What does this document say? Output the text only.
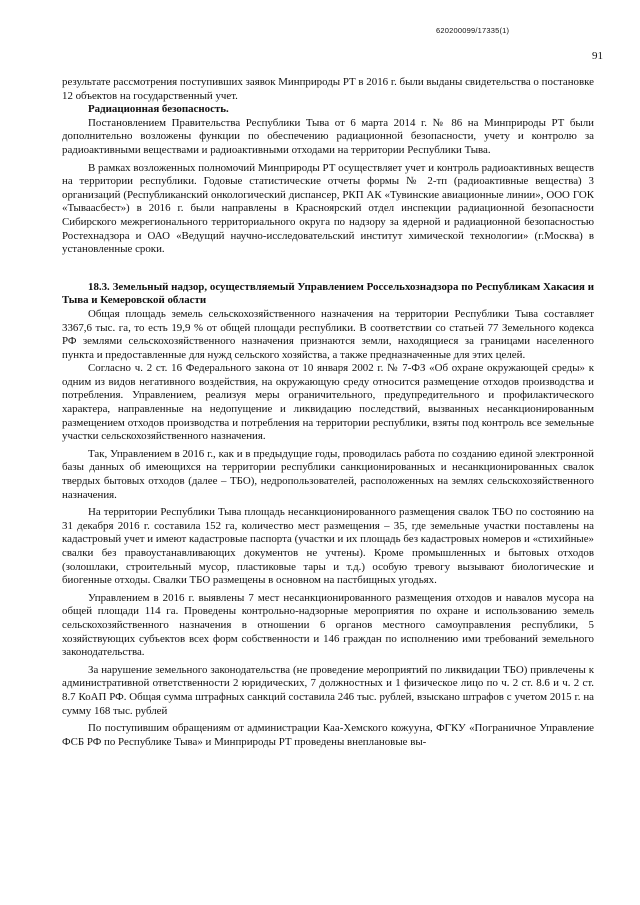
620200099/17335(1)
91

результате рассмотрения поступивших заявок Минприроды РТ в 2016 г. были выданы свидетельства о постановке 12 объектов на государственный учет.

Радиационная безопасность.

Постановлением Правительства Республики Тыва от 6 марта 2014 г. № 86 на Минприроды РТ были дополнительно возложены функции по обеспечению радиационной безопасности, учету и контролю за радиоактивными веществами и радиоактивными отходами на территории Республики Тыва.

В рамках возложенных полномочий Минприроды РТ осуществляет учет и контроль радиоактивных веществ на территории республики. Годовые статистические отчеты формы № 2-тп (радиоактивные вещества) 3 организаций (Республиканский онкологический диспансер, РКП АК «Тувинские авиационные линии», ООО ГОК «Тываасбест») в 2016 г. были направлены в Красноярский отдел инспекции радиационной безопасности Сибирского межрегионального территориального округа по надзору за ядерной и радиационной безопасностью Ростехнадзора и ОАО «Ведущий научно-исследовательский институт химической технологии» (г.Москва) в установленные сроки.

18.3. Земельный надзор, осуществляемый Управлением Россельхознадзора по Республикам Хакасия и Тыва и Кемеровской области

Общая площадь земель сельскохозяйственного назначения на территории Республики Тыва составляет 3367,6 тыс. га, то есть 19,9 % от общей площади республики. В соответствии со статьей 77 Земельного кодекса РФ землями сельскохозяйственного назначения признаются земли, находящиеся за границами населенного пункта и предоставленные для нужд сельского хозяйства, а также предназначенные для этих целей.

Согласно ч. 2 ст. 16 Федерального закона от 10 января 2002 г. № 7-ФЗ «Об охране окружающей среды» к одним из видов негативного воздействия, на окружающую среду относится размещение отходов производства и потребления. Управлением, реализуя меры ограничительного, предупредительного и профилактического характера, направленные на недопущение и ликвидацию последствий, вызванных несанкционированным размещением отходов производства и потребления на территории республики, взяты под контроль все земельные участки сельскохозяйственного назначения.

Так, Управлением в 2016 г., как и в предыдущие годы, проводилась работа по созданию единой электронной базы данных об имеющихся на территории республики санкционированных и несанкционированных свалок твердых бытовых отходов (далее – ТБО), недропользователей, расположенных на землях сельскохозяйственного назначения.

На территории Республики Тыва площадь несанкционированного размещения свалок ТБО по состоянию на 31 декабря 2016 г. составила 152 га, количество мест размещения – 35, где земельные участки поставлены на кадастровый учет и имеют кадастровые паспорта (участки и их площадь без кадастровых номеров и «стихийные» свалки без правоустанавливающих документов не учтены). Кроме промышленных и бытовых отходов (золошлаки, строительный мусор, пластиковые тары и т.д.) особую тревогу вызывают биологические и биогенные отходы. Свалки ТБО размещены в основном на пастбищных угодьях.

Управлением в 2016 г. выявлены 7 мест несанкционированного размещения отходов и навалов мусора на общей площади 114 га. Проведены контрольно-надзорные мероприятия по охране и использованию земель сельскохозяйственного назначения в отношении 6 органов местного самоуправления республики, 5 хозяйствующих субъектов всех форм собственности и 146 граждан по исполнению ими требований земельного законодательства.

За нарушение земельного законодательства (не проведение мероприятий по ликвидации ТБО) привлечены к административной ответственности 2 юридических, 7 должностных и 1 физическое лицо по ч. 2 ст. 8.6 и ч. 2 ст. 8.7 КоАП РФ. Общая сумма штрафных санкций составила 246 тыс. рублей, взыскано штрафов с учетом 2015 г. на сумму 168 тыс. рублей

По поступившим обращениям от администрации Каа-Хемского кожууна, ФГКУ «Пограничное Управление ФСБ РФ по Республике Тыва» и Минприроды РТ проведены внеплановые вы-
